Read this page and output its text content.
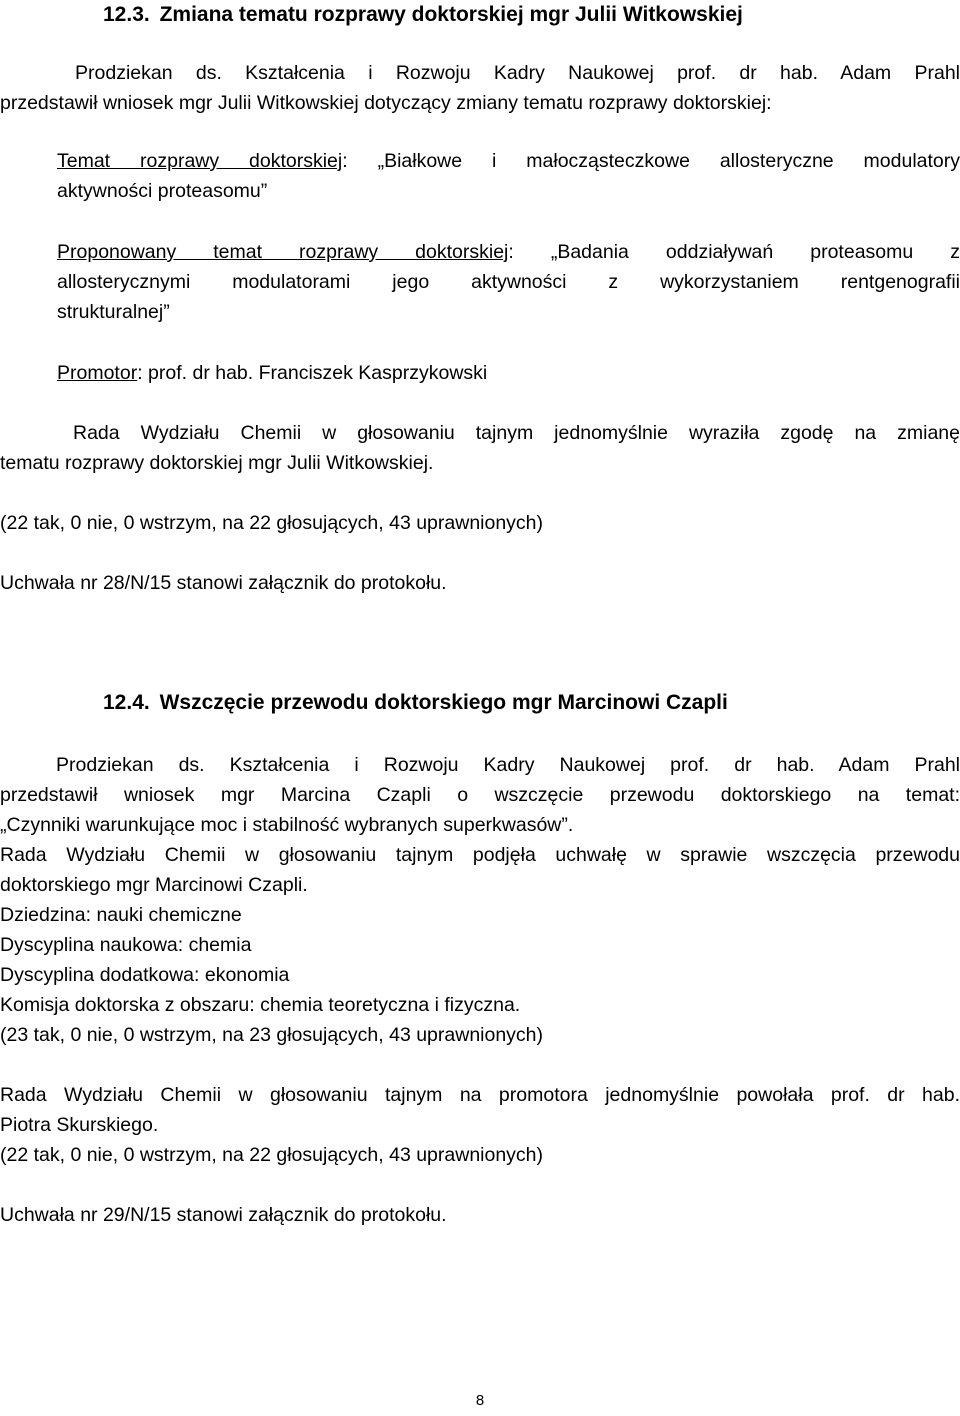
12.3. Zmiana tematu rozprawy doktorskiej mgr Julii Witkowskiej
Prodziekan ds. Kształcenia i Rozwoju Kadry Naukowej prof. dr hab. Adam Prahl
przedstawił wniosek mgr Julii Witkowskiej dotyczący zmiany tematu rozprawy doktorskiej:
Temat rozprawy doktorskiej: „Białkowe i małocząsteczkowe allosteryczne modulatory
aktywności proteasomu”
Proponowany temat rozprawy doktorskiej: „Badania oddziaływań proteasomu z
allosterycznymi modulatorami jego aktywności z wykorzystaniem rentgenografii
strukturalnej”
Promotor: prof. dr hab. Franciszek Kasprzykowski
Rada Wydziału Chemii w głosowaniu tajnym jednomyślnie wyraziła zgodę na zmianę
tematu rozprawy doktorskiej mgr Julii Witkowskiej.
(22 tak, 0 nie, 0 wstrzym, na 22 głosujących, 43 uprawnionych)
Uchwała nr 28/N/15 stanowi załącznik do protokołu.
12.4. Wszczęcie przewodu doktorskiego mgr Marcinowi Czapli
Prodziekan ds. Kształcenia i Rozwoju Kadry Naukowej prof. dr hab. Adam Prahl
przedstawił wniosek mgr Marcina Czapli o wszczęcie przewodu doktorskiego na temat:
„Czynniki warunkujące moc i stabilność wybranych superkwasów”.
Rada Wydziału Chemii w głosowaniu tajnym podjęła uchwałę w sprawie wszczęcia przewodu
doktorskiego mgr Marcinowi Czapli.
Dziedzina: nauki chemiczne
Dyscyplina naukowa: chemia
Dyscyplina dodatkowa: ekonomia
Komisja doktorska z obszaru: chemia teoretyczna i fizyczna.
(23 tak, 0 nie, 0 wstrzym, na 23 głosujących, 43 uprawnionych)
Rada Wydziału Chemii w głosowaniu tajnym na promotora jednomyślnie powołała prof. dr hab.
Piotra Skurskiego.
(22 tak, 0 nie, 0 wstrzym, na 22 głosujących, 43 uprawnionych)
Uchwała nr 29/N/15 stanowi załącznik do protokołu.
8
